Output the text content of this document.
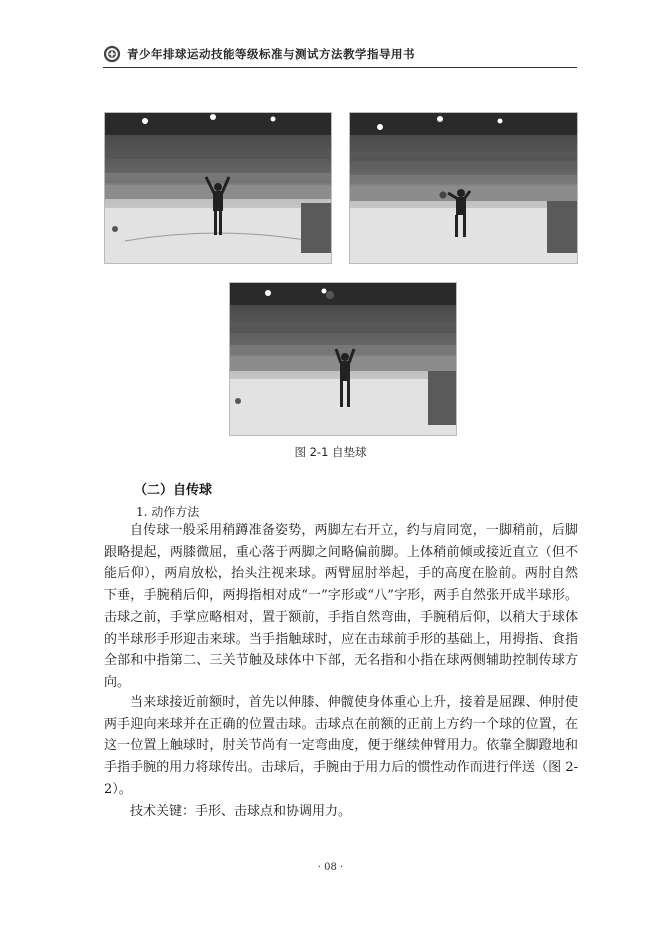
青少年排球运动技能等级标准与测试方法教学指导用书
图 2-1 自垫球
（二）自传球
1. 动作方法

自传球一般采用稍蹲准备姿势，两脚左右开立，约与肩同宽，一脚稍前，后脚跟略提起，两膝微屈，重心落于两脚之间略偏前脚。上体稍前倾或接近直立（但不能后仰），两肩放松，抬头注视来球。两臂屈肘举起，手的高度在脸前。两肘自然下垂，手腕稍后仰，两拇指相对成“一”字形或“八”字形，两手自然张开成半球形。击球之前，手掌应略相对，置于额前，手指自然弯曲，手腕稍后仰，以稍大于球体的半球形手形迎击来球。当手指触球时，应在击球前手形的基础上，用拇指、食指全部和中指第二、三关节触及球体中下部，无名指和小指在球两侧辅助控制传球方向。

当来球接近前额时，首先以伸膝、伸髋使身体重心上升，接着是屈踝、伸肘使两手迎向来球并在正确的位置击球。击球点在前额的正前上方约一个球的位置，在这一位置上触球时，肘关节尚有一定弯曲度，便于继续伸臂用力。依靠全脚蹬地和手指手腕的用力将球传出。击球后，手腕由于用力后的惯性动作而进行伴送（图 2-2）。

技术关键：手形、击球点和协调用力。

· 08 ·
